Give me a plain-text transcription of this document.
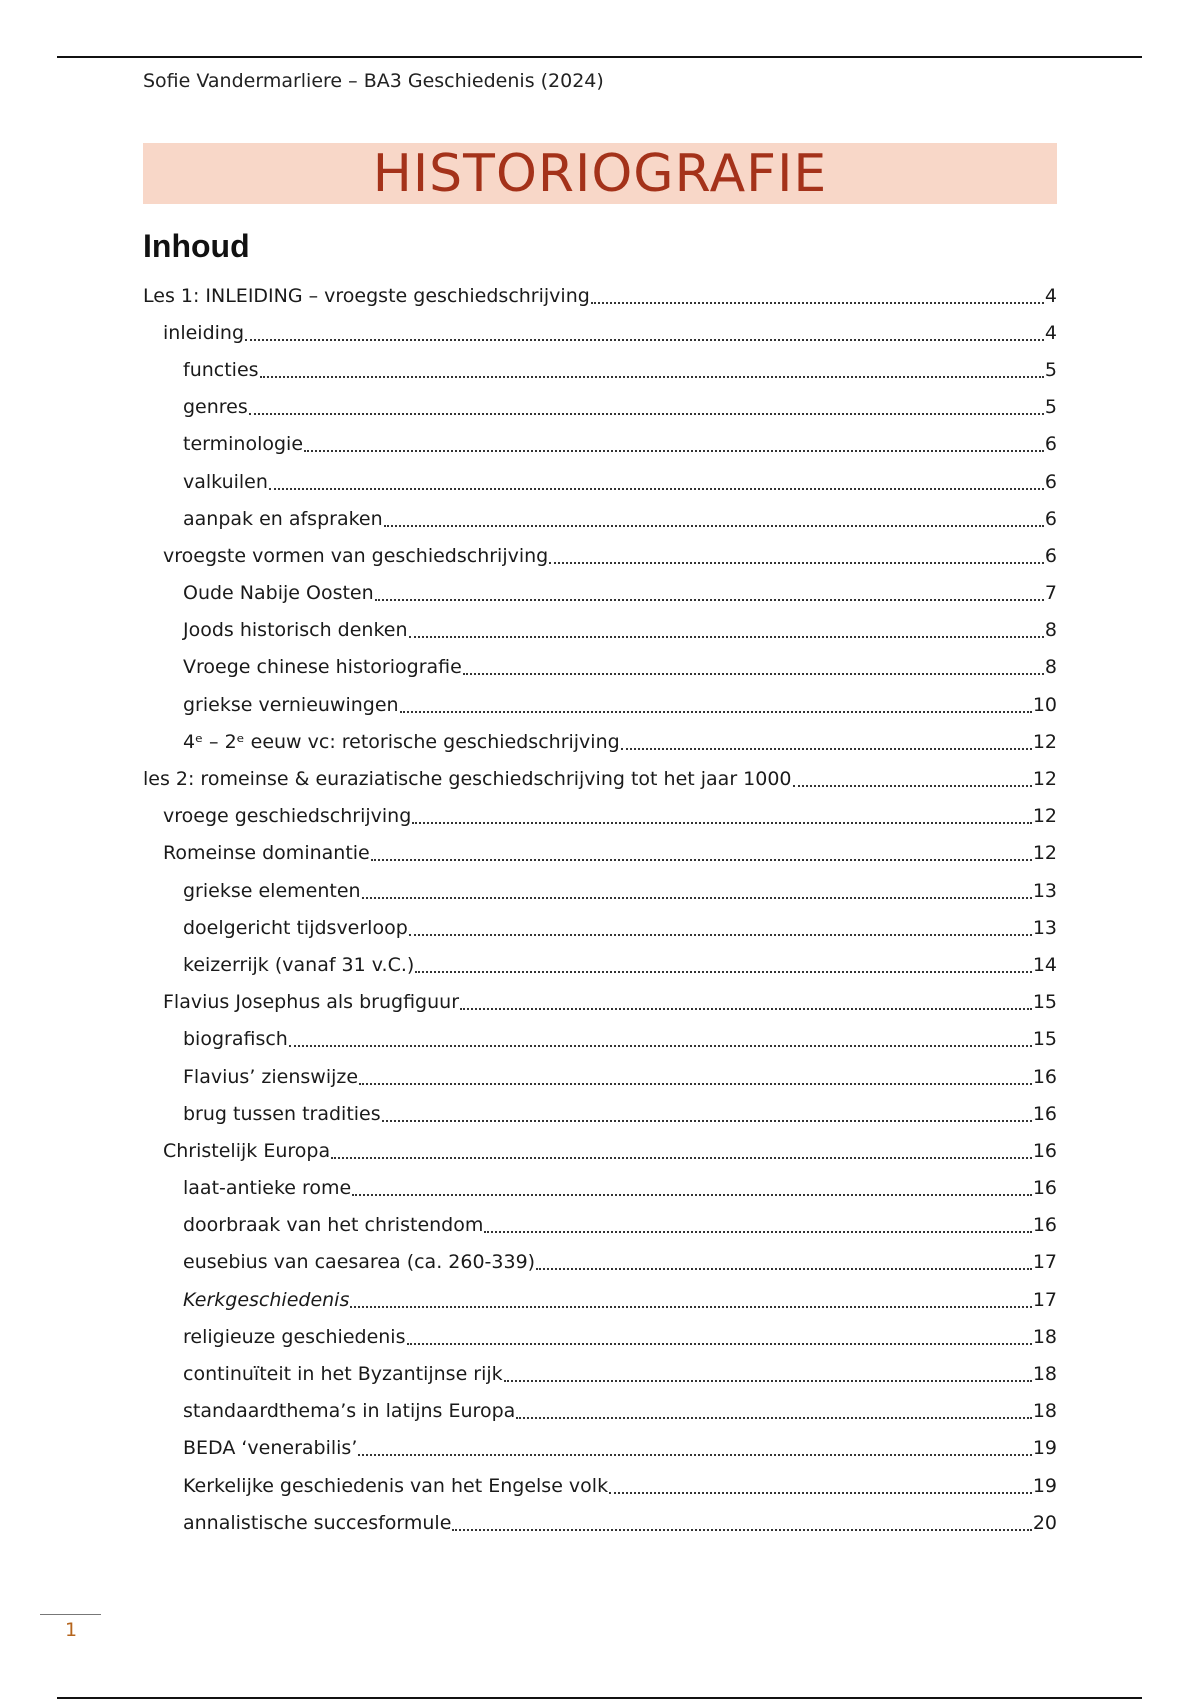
Sofie Vandermarliere – BA3 Geschiedenis (2024)
HISTORIOGRAFIE
Inhoud
Les 1: INLEIDING – vroegste geschiedschrijving	4
inleiding	4
functies	5
genres	5
terminologie	6
valkuilen	6
aanpak en afspraken	6
vroegste vormen van geschiedschrijving	6
Oude Nabije Oosten	7
Joods historisch denken	8
Vroege chinese historiografie	8
griekse vernieuwingen	10
4ᵉ – 2ᵉ eeuw vc: retorische geschiedschrijving	12
les 2: romeinse & euraziatische geschiedschrijving tot het jaar 1000	12
vroege geschiedschrijving	12
Romeinse dominantie	12
griekse elementen	13
doelgericht tijdsverloop	13
keizerrijk (vanaf 31 v.C.)	14
Flavius Josephus als brugfiguur	15
biografisch	15
Flavius’ zienswijze	16
brug tussen tradities	16
Christelijk Europa	16
laat-antieke rome	16
doorbraak van het christendom	16
eusebius van caesarea (ca. 260-339)	17
Kerkgeschiedenis	17
religieuze geschiedenis	18
continuïteit in het Byzantijnse rijk	18
standaardthema’s in latijns Europa	18
BEDA ‘venerabilis’	19
Kerkelijke geschiedenis van het Engelse volk	19
annalistische succesformule	20
1
